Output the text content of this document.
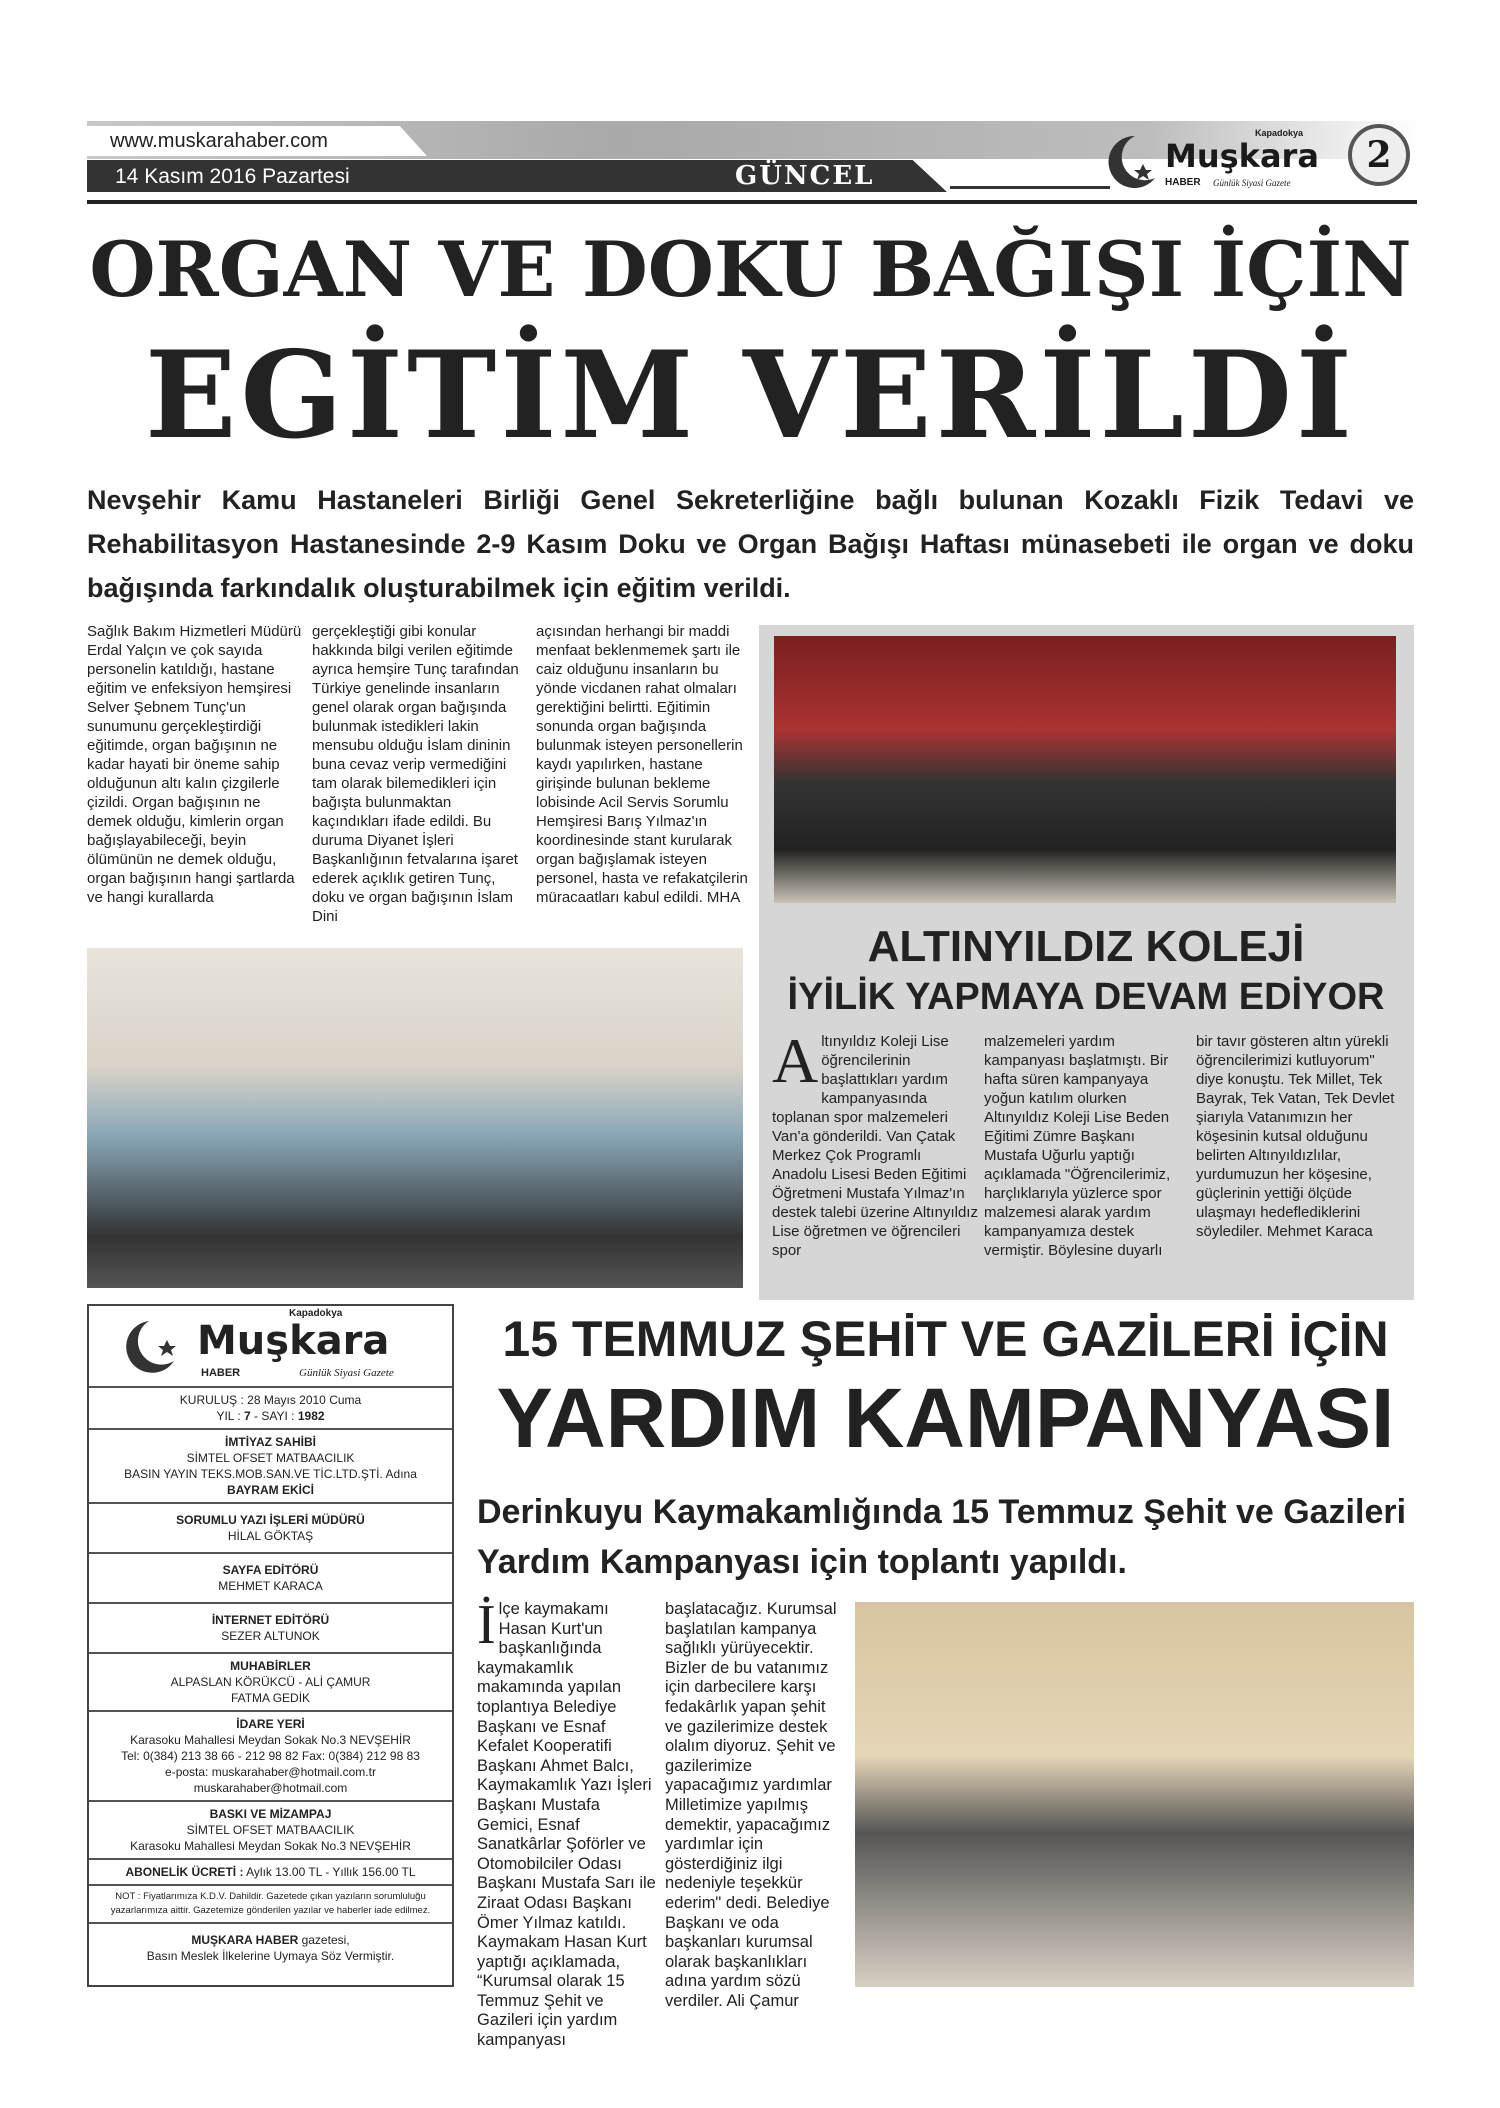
www.muskarahaber.com
14 Kasım 2016 Pazartesi	GÜNCEL
Kapadokya
Muşkara
HABER Günlük Siyasi Gazete
2
ORGAN VE DOKU BAĞIŞI İÇİN
EGİTİM VERİLDİ
Nevşehir Kamu Hastaneleri Birliği Genel Sekreterliğine bağlı bulunan Kozaklı Fizik Tedavi ve Rehabilitasyon Hastanesinde 2-9 Kasım Doku ve Organ Bağışı Haftası münasebeti ile organ ve doku bağışında farkındalık oluşturabilmek için eğitim verildi.
Sağlık Bakım Hizmetleri Müdürü Erdal Yalçın ve çok sayıda personelin katıldığı, hastane eğitim ve enfeksiyon hemşiresi Selver Şebnem Tunç'un sunumunu gerçekleştirdiği eğitimde, organ bağışının ne kadar hayati bir öneme sahip olduğunun altı kalın çizgilerle çizildi. Organ bağışının ne demek olduğu, kimlerin organ bağışlayabileceği, beyin ölümünün ne demek olduğu, organ bağışının hangi şartlarda ve hangi kurallarda
gerçekleştiği gibi konular hakkında bilgi verilen eğitimde ayrıca hemşire Tunç tarafından Türkiye genelinde insanların genel olarak organ bağışında bulunmak istedikleri lakin mensubu olduğu İslam dininin buna cevaz verip vermediğini tam olarak bilemedikleri için bağışta bulunmaktan kaçındıkları ifade edildi. Bu duruma Diyanet İşleri Başkanlığının fetvalarına işaret ederek açıklık getiren Tunç, doku ve organ bağışının İslam Dini
açısından herhangi bir maddi menfaat beklenmemek şartı ile caiz olduğunu insanların bu yönde vicdanen rahat olmaları gerektiğini belirtti. Eğitimin sonunda organ bağışında bulunmak isteyen personellerin kaydı yapılırken, hastane girişinde bulunan bekleme lobisinde Acil Servis Sorumlu Hemşiresi Barış Yılmaz'ın koordinesinde stant kurularak organ bağışlamak isteyen personel, hasta ve refakatçilerin müracaatları kabul edildi. MHA
ALTINYILDIZ KOLEJİ
İYİLİK YAPMAYA DEVAM EDİYOR
Altınyıldız Koleji Lise öğrencilerinin başlattıkları yardım kampanyasında toplanan spor malzemeleri Van'a gönderildi. Van Çatak Merkez Çok Programlı Anadolu Lisesi Beden Eğitimi Öğretmeni Mustafa Yılmaz'ın destek talebi üzerine Altınyıldız Lise öğretmen ve öğrencileri spor
malzemeleri yardım kampanyası başlatmıştı. Bir hafta süren kampanyaya yoğun katılım olurken Altınyıldız Koleji Lise Beden Eğitimi Zümre Başkanı Mustafa Uğurlu yaptığı açıklamada "Öğrencilerimiz, harçlıklarıyla yüzlerce spor malzemesi alarak yardım kampanyamıza destek vermiştir. Böylesine duyarlı
bir tavır gösteren altın yürekli öğrencilerimizi kutluyorum" diye konuştu. Tek Millet, Tek Bayrak, Tek Vatan, Tek Devlet şiarıyla Vatanımızın her köşesinin kutsal olduğunu belirten Altınyıldızlılar, yurdumuzun her köşesine, güçlerinin yettiği ölçüde ulaşmayı hedeflediklerini söylediler. Mehmet Karaca
Kapadokya
Muşkara
HABER	Günlük Siyasi Gazete
KURULUŞ : 28 Mayıs 2010 Cuma
YIL : 7 - SAYI : 1982
İMTİYAZ SAHİBİ
SİMTEL OFSET MATBAACILIK
BASIN YAYIN TEKS.MOB.SAN.VE TİC.LTD.ŞTİ. Adına
BAYRAM EKİCİ
SORUMLU YAZI İŞLERİ MÜDÜRÜ
HİLAL GÖKTAŞ
SAYFA EDİTÖRÜ
MEHMET KARACA
İNTERNET EDİTÖRÜ
SEZER ALTUNOK
MUHABİRLER
ALPASLAN KÖRÜKCÜ - ALİ ÇAMUR
FATMA GEDİK
İDARE YERİ
Karasoku Mahallesi Meydan Sokak No.3 NEVŞEHİR
Tel: 0(384) 213 38 66 - 212 98 82 Fax: 0(384) 212 98 83
e-posta: muskarahaber@hotmail.com.tr
muskarahaber@hotmail.com
BASKI VE MİZAMPAJ
SİMTEL OFSET MATBAACILIK
Karasoku Mahallesi Meydan Sokak No.3 NEVŞEHİR
ABONELİK ÜCRETİ : Aylık 13.00 TL - Yıllık 156.00 TL
NOT : Fiyatlarımıza K.D.V. Dahildir. Gazetede çıkan yazıların sorumluluğu yazarlarımıza aittir. Gazetemize gönderilen yazılar ve haberler iade edilmez.
MUŞKARA HABER gazetesi,
Basın Meslek İlkelerine Uymaya Söz Vermiştir.
15 TEMMUZ ŞEHİT VE GAZİLERİ İÇİN
YARDIM KAMPANYASI
Derinkuyu Kaymakamlığında 15 Temmuz Şehit ve Gazileri Yardım Kampanyası için toplantı yapıldı.
İlçe kaymakamı Hasan Kurt'un başkanlığında kaymakamlık makamında yapılan toplantıya Belediye Başkanı ve Esnaf Kefalet Kooperatifi Başkanı Ahmet Balcı, Kaymakamlık Yazı İşleri Başkanı Mustafa Gemici, Esnaf Sanatkârlar Şoförler ve Otomobilciler Odası Başkanı Mustafa Sarı ile Ziraat Odası Başkanı Ömer Yılmaz katıldı. Kaymakam Hasan Kurt yaptığı açıklamada, “Kurumsal olarak 15 Temmuz Şehit ve Gazileri için yardım kampanyası
başlatacağız. Kurumsal başlatılan kampanya sağlıklı yürüyecektir. Bizler de bu vatanımız için darbecilere karşı fedakârlık yapan şehit ve gazilerimize destek olalım diyoruz. Şehit ve gazilerimize yapacağımız yardımlar Milletimize yapılmış demektir, yapacağımız yardımlar için gösterdiğiniz ilgi nedeniyle teşekkür ederim" dedi. Belediye Başkanı ve oda başkanları kurumsal olarak başkanlıkları adına yardım sözü verdiler. Ali Çamur
